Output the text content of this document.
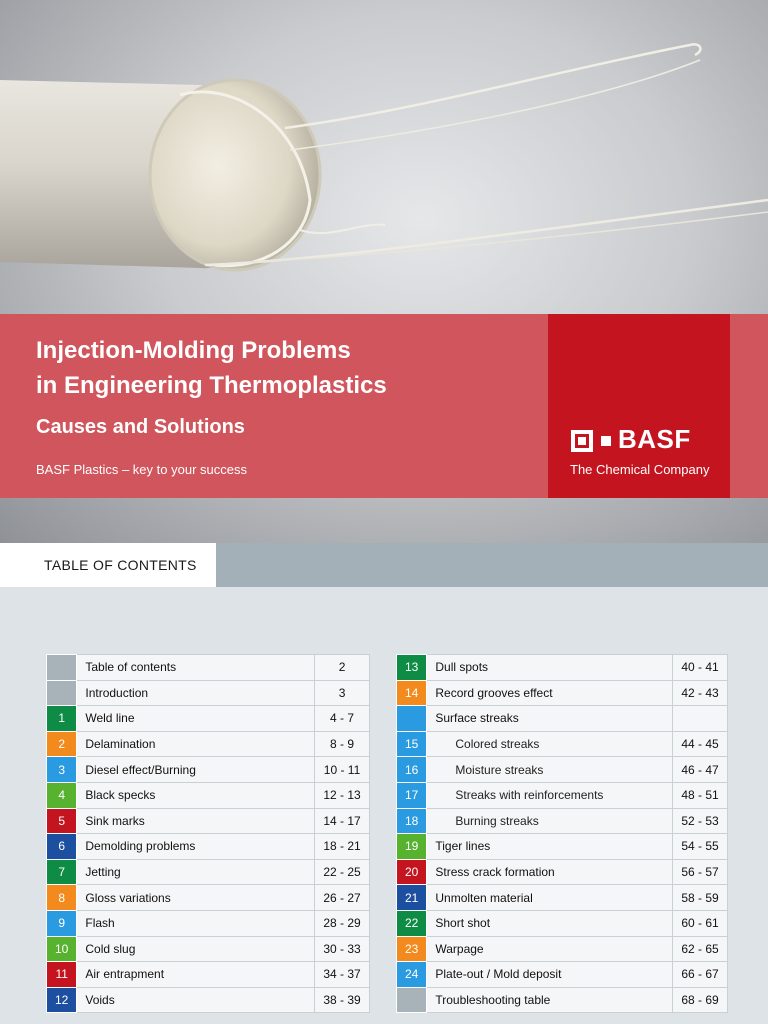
Injection-Molding Problems
in Engineering Thermoplastics
Causes and Solutions
BASF Plastics – key to your success
BASF
The Chemical Company
TABLE OF CONTENTS
	Table of contents	2
	Introduction	3
1	Weld line	4 - 7
2	Delamination	8 - 9
3	Diesel effect/Burning	10 - 11
4	Black specks	12 - 13
5	Sink marks	14 - 17
6	Demolding problems	18 - 21
7	Jetting	22 - 25
8	Gloss variations	26 - 27
9	Flash	28 - 29
10	Cold slug	30 - 33
11	Air entrapment	34 - 37
12	Voids	38 - 39
13	Dull spots	40 - 41
14	Record grooves effect	42 - 43
	Surface streaks	
15	Colored streaks	44 - 45
16	Moisture streaks	46 - 47
17	Streaks with reinforcements	48 - 51
18	Burning streaks	52 - 53
19	Tiger lines	54 - 55
20	Stress crack formation	56 - 57
21	Unmolten material	58 - 59
22	Short shot	60 - 61
23	Warpage	62 - 65
24	Plate-out / Mold deposit	66 - 67
	Troubleshooting table	68 - 69
